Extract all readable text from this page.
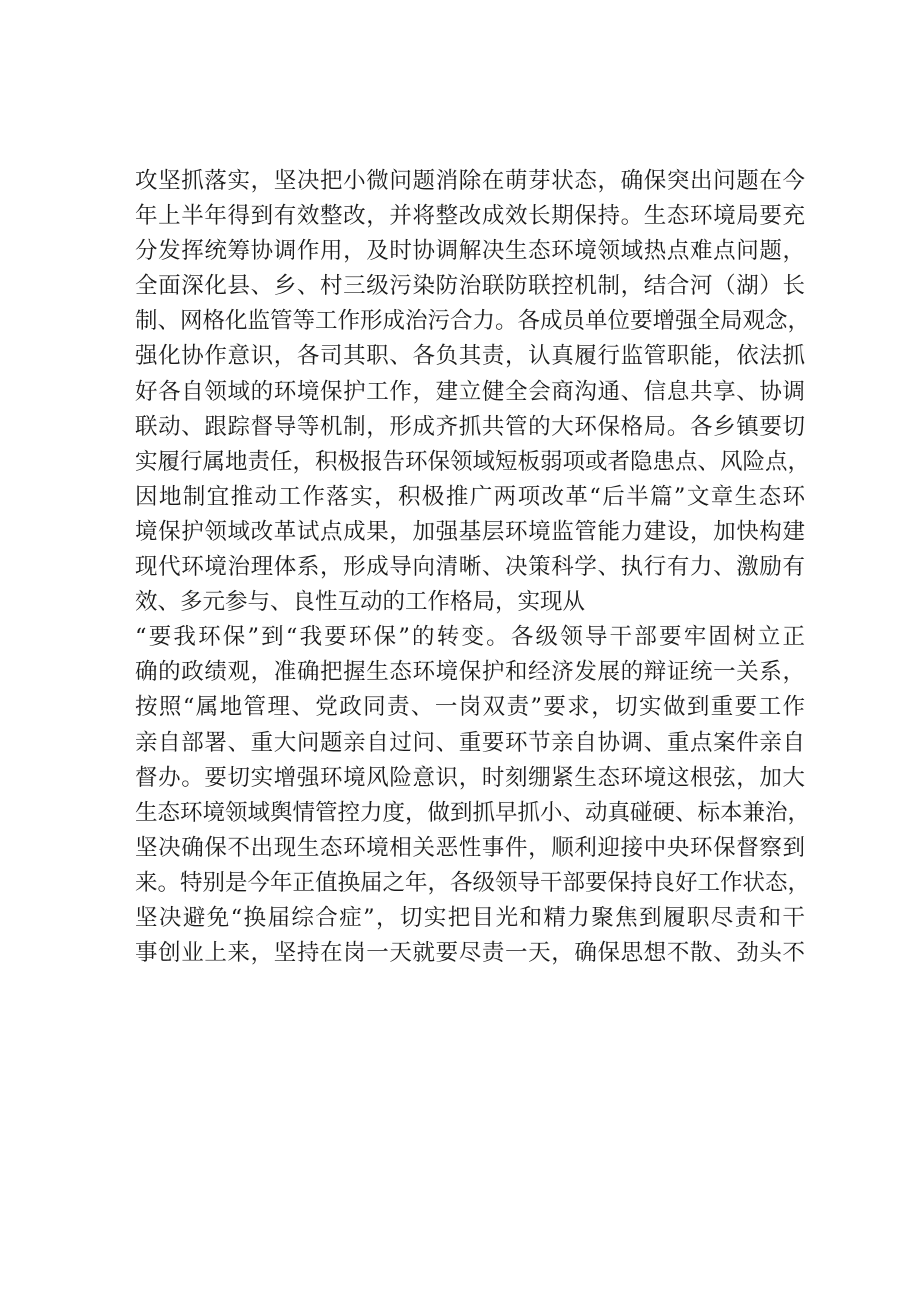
攻坚抓落实，坚决把小微问题消除在萌芽状态，确保突出问题在今
年上半年得到有效整改，并将整改成效长期保持。生态环境局要充
分发挥统筹协调作用，及时协调解决生态环境领域热点难点问题，
全面深化县、乡、村三级污染防治联防联控机制，结合河（湖）长
制、网格化监管等工作形成治污合力。各成员单位要增强全局观念，
强化协作意识，各司其职、各负其责，认真履行监管职能，依法抓
好各自领域的环境保护工作，建立健全会商沟通、信息共享、协调
联动、跟踪督导等机制，形成齐抓共管的大环保格局。各乡镇要切
实履行属地责任，积极报告环保领域短板弱项或者隐患点、风险点，
因地制宜推动工作落实，积极推广两项改革“后半篇”文章生态环
境保护领域改革试点成果，加强基层环境监管能力建设，加快构建
现代环境治理体系，形成导向清晰、决策科学、执行有力、激励有
效、多元参与、良性互动的工作格局，实现从
“要我环保”到“我要环保”的转变。各级领导干部要牢固树立正
确的政绩观，准确把握生态环境保护和经济发展的辩证统一关系，
按照“属地管理、党政同责、一岗双责”要求，切实做到重要工作
亲自部署、重大问题亲自过问、重要环节亲自协调、重点案件亲自
督办。要切实增强环境风险意识，时刻绷紧生态环境这根弦，加大
生态环境领域舆情管控力度，做到抓早抓小、动真碰硬、标本兼治，
坚决确保不出现生态环境相关恶性事件，顺利迎接中央环保督察到
来。特别是今年正值换届之年，各级领导干部要保持良好工作状态，
坚决避免“换届综合症”，切实把目光和精力聚焦到履职尽责和干
事创业上来，坚持在岗一天就要尽责一天，确保思想不散、劲头不
